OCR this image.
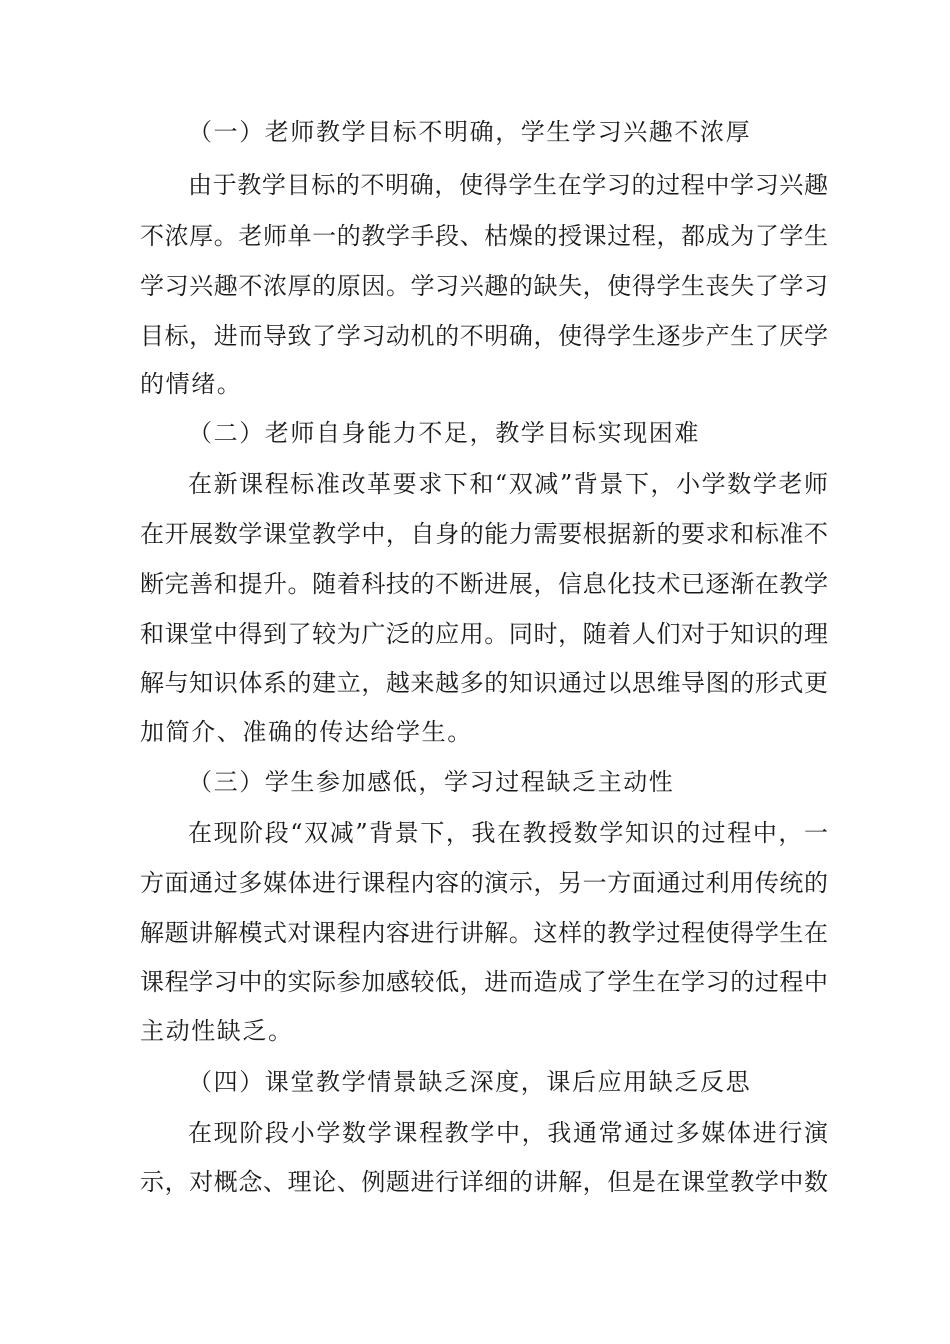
（一）老师教学目标不明确，学生学习兴趣不浓厚
由于教学目标的不明确，使得学生在学习的过程中学习兴趣
不浓厚。老师单一的教学手段、枯燥的授课过程，都成为了学生
学习兴趣不浓厚的原因。学习兴趣的缺失，使得学生丧失了学习
目标，进而导致了学习动机的不明确，使得学生逐步产生了厌学
的情绪。
（二）老师自身能力不足，教学目标实现困难
在新课程标准改革要求下和“双减”背景下，小学数学老师
在开展数学课堂教学中，自身的能力需要根据新的要求和标准不
断完善和提升。随着科技的不断进展，信息化技术已逐渐在教学
和课堂中得到了较为广泛的应用。同时，随着人们对于知识的理
解与知识体系的建立，越来越多的知识通过以思维导图的形式更
加简介、准确的传达给学生。
（三）学生参加感低，学习过程缺乏主动性
在现阶段“双减”背景下，我在教授数学知识的过程中，一
方面通过多媒体进行课程内容的演示，另一方面通过利用传统的
解题讲解模式对课程内容进行讲解。这样的教学过程使得学生在
课程学习中的实际参加感较低，进而造成了学生在学习的过程中
主动性缺乏。
（四）课堂教学情景缺乏深度，课后应用缺乏反思
在现阶段小学数学课程教学中，我通常通过多媒体进行演
示，对概念、理论、例题进行详细的讲解，但是在课堂教学中数
